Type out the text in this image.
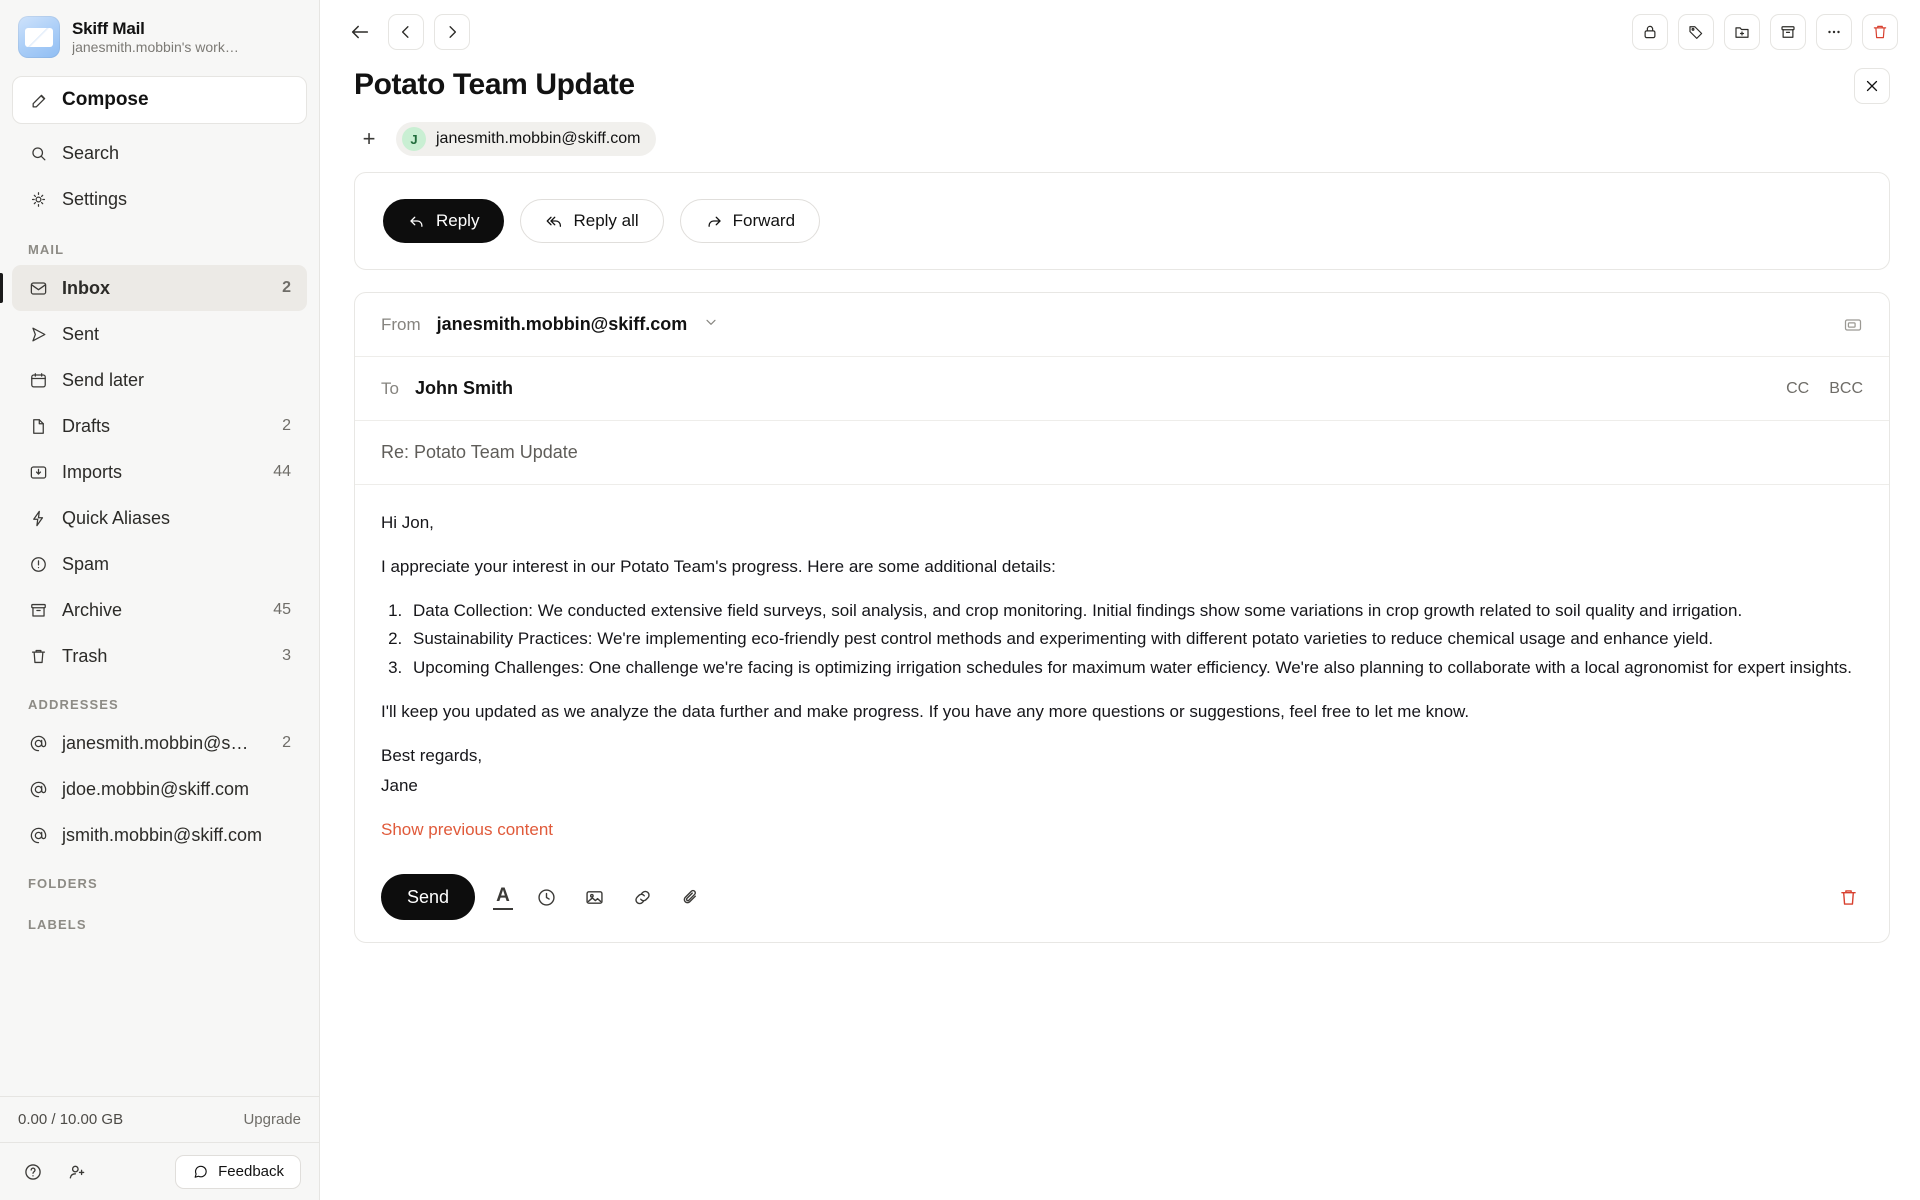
Skiff Mail
janesmith.mobbin's work…
Compose
Search
Settings
MAIL
Inbox	2
Sent
Send later
Drafts	2
Imports	44
Quick Aliases
Spam
Archive	45
Trash	3
ADDRESSES
janesmith.mobbin@s… 2
jdoe.mobbin@skiff.com
jsmith.mobbin@skiff.com
FOLDERS
LABELS
0.00 / 10.00 GB	Upgrade
Feedback
Potato Team Update
+	J	janesmith.mobbin@skiff.com
Reply	Reply all	Forward
From janesmith.mobbin@skiff.com
To John Smith	CC BCC
Re: Potato Team Update

Hi Jon,

I appreciate your interest in our Potato Team's progress. Here are some additional details:

1. Data Collection: We conducted extensive field surveys, soil analysis, and crop monitoring. Initial findings show some variations in crop growth related to soil quality and irrigation.
2. Sustainability Practices: We're implementing eco-friendly pest control methods and experimenting with different potato varieties to reduce chemical usage and enhance yield.
3. Upcoming Challenges: One challenge we're facing is optimizing irrigation schedules for maximum water efficiency. We're also planning to collaborate with a local agronomist for expert insights.

I'll keep you updated as we analyze the data further and make progress. If you have any more questions or suggestions, feel free to let me know.

Best regards,

Jane

Show previous content
Send A
